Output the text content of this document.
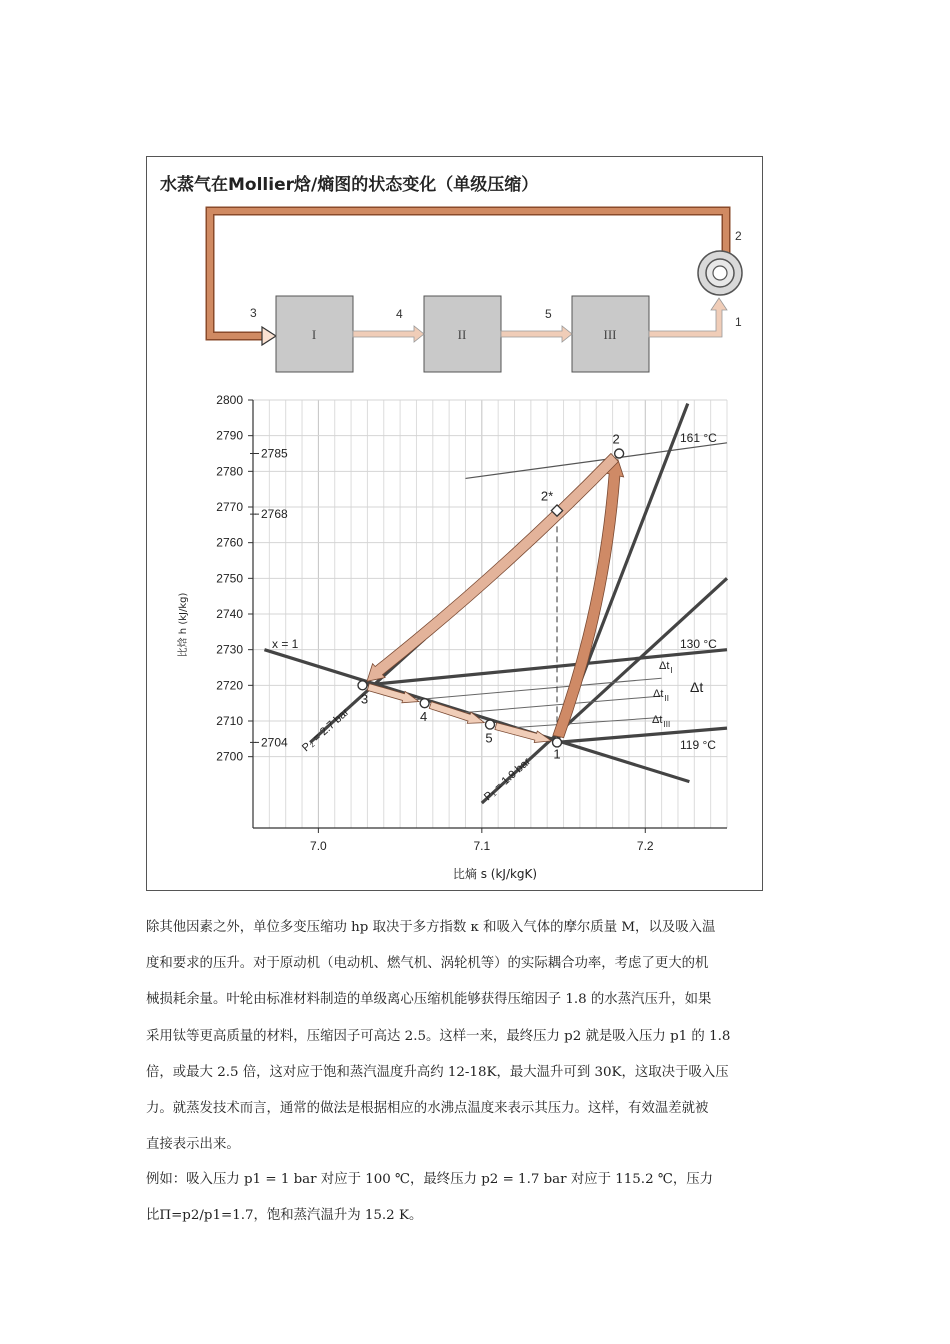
水蒸气在Mollier焓/熵图的状态变化（单级压缩）
I	II	III
3	4	5
1
2
2700
2710
2720
2730
2740
2750
2760
2770
2780
2790
2800
7.0	7.1	7.2
2785
2768
2704
1
2
2*
3
4
5
x = 1	130 °C
119 °C
161 °C
P₂ = 2.7 bar
P₁ = 1.9 bar
Δt I
Δt II
Δt III
Δt
比熵 s (kJ/kgK)
比焓 h (kJ/kg)
除其他因素之外，单位多变压缩功 hp 取决于多方指数 κ 和吸入气体的摩尔质量 M，以及吸入温
度和要求的压升。对于原动机（电动机、燃气机、涡轮机等）的实际耦合功率，考虑了更大的机
械损耗余量。叶轮由标准材料制造的单级离心压缩机能够获得压缩因子 1.8 的水蒸汽压升，如果
采用钛等更高质量的材料，压缩因子可高达 2.5。这样一来，最终压力 p2 就是吸入压力 p1 的 1.8
倍，或最大 2.5 倍，这对应于饱和蒸汽温度升高约 12-18K，最大温升可到 30K，这取决于吸入压
力。就蒸发技术而言，通常的做法是根据相应的水沸点温度来表示其压力。这样，有效温差就被
直接表示出来。
例如：吸入压力 p1 = 1 bar 对应于 100 ℃，最终压力 p2 = 1.7 bar 对应于 115.2 ℃，压力
比Π=p2/p1=1.7，饱和蒸汽温升为 15.2 K。
